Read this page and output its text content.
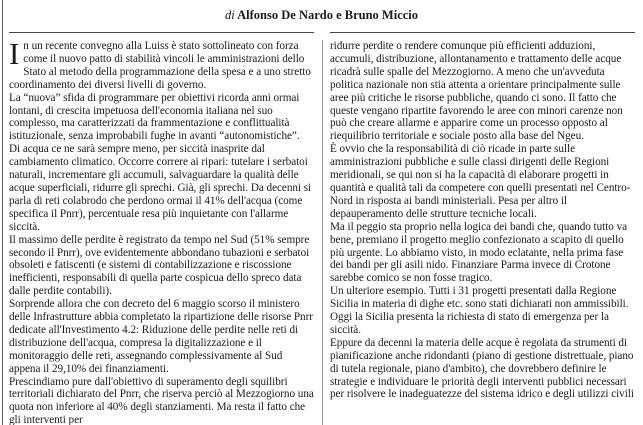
di Alfonso De Nardo e Bruno Miccio

In un recente convegno alla Luiss è stato sottolineato con forza come il nuovo patto di stabilità vincoli le amministrazioni dello Stato al metodo della programmazione della spesa e a uno stretto coordinamento dei diversi livelli di governo.

La “nuova” sfida di programmare per obiettivi ricorda anni ormai lontani, di crescita impetuosa dell'economia italiana nel suo complesso, ma caratterizzati da frammentazione e conflittualità istituzionale, senza improbabili fughe in avanti “autonomistiche”.

Di acqua ce ne sarà sempre meno, per siccità inasprite dal cambiamento climatico. Occorre correre ai ripari: tutelare i serbatoi naturali, incrementare gli accumuli, salvaguardare la qualità delle acque superficiali, ridurre gli sprechi. Già, gli sprechi. Da decenni si parla di reti colabrodo che perdono ormai il 41% dell'acqua (come specifica il Pnrr), percentuale resa più inquietante con l'allarme siccità.

Il massimo delle perdite è registrato da tempo nel Sud (51% sempre secondo il Pnrr), ove evidentemente abbondano tubazioni e serbatoi obsoleti e fatiscenti (e sistemi di contabilizzazione e riscossione inefficienti, responsabili di quella parte cospicua dello spreco data dalle perdite contabili).

Sorprende allora che con decreto del 6 maggio scorso il ministero delle Infrastrutture abbia completato la ripartizione delle risorse Pnrr dedicate all'Investimento 4.2: Riduzione delle perdite nelle reti di distribuzione dell'acqua, compresa la digitalizzazione e il monitoraggio delle reti, assegnando complessivamente al Sud appena il 29,10% dei finanziamenti.

Prescindiamo pure dall'obiettivo di superamento degli squilibri territoriali dichiarato del Pnrr, che riserva perciò al Mezzogiorno una quota non inferiore al 40% degli stanziamenti. Ma resta il fatto che gli interventi per

ridurre perdite o rendere comunque più efficienti adduzioni, accumuli, distribuzione, allontanamento e trattamento delle acque ricadrà sulle spalle del Mezzogiorno. A meno che un'avveduta politica nazionale non stia attenta a orientare principalmente sulle aree più critiche le risorse pubbliche, quando ci sono. Il fatto che queste vengano ripartite favorendo le aree con minori carenze non può che creare allarme e apparire come un processo opposto al riequilibrio territoriale e sociale posto alla base del Ngeu.

È ovvio che la responsabilità di ciò ricade in parte sulle amministrazioni pubbliche e sulle classi dirigenti delle Regioni meridionali, se qui non si ha la capacità di elaborare progetti in quantità e qualità tali da competere con quelli presentati nel Centro-Nord in risposta ai bandi ministeriali. Pesa per altro il depauperamento delle strutture tecniche locali.

Ma il peggio sta proprio nella logica dei bandi che, quando tutto va bene, premiano il progetto meglio confezionato a scapito di quello più urgente. Lo abbiamo visto, in modo eclatante, nella prima fase dei bandi per gli asili nido. Finanziare Parma invece di Crotone sarebbe comico se non fosse tragico.

Un ulteriore esempio. Tutti i 31 progetti presentati dalla Regione Sicilia in materia di dighe etc. sono stati dichiarati non ammissibili. Oggi la Sicilia presenta la richiesta di stato di emergenza per la siccità.

Eppure da decenni la materia delle acque è regolata da strumenti di pianificazione anche ridondanti (piano di gestione distrettuale, piano di tutela regionale, piano d'ambito), che dovrebbero definire le strategie e individuare le priorità degli interventi pubblici necessari per risolvere le inadeguatezze del sistema idrico e degli utilizzi civili
